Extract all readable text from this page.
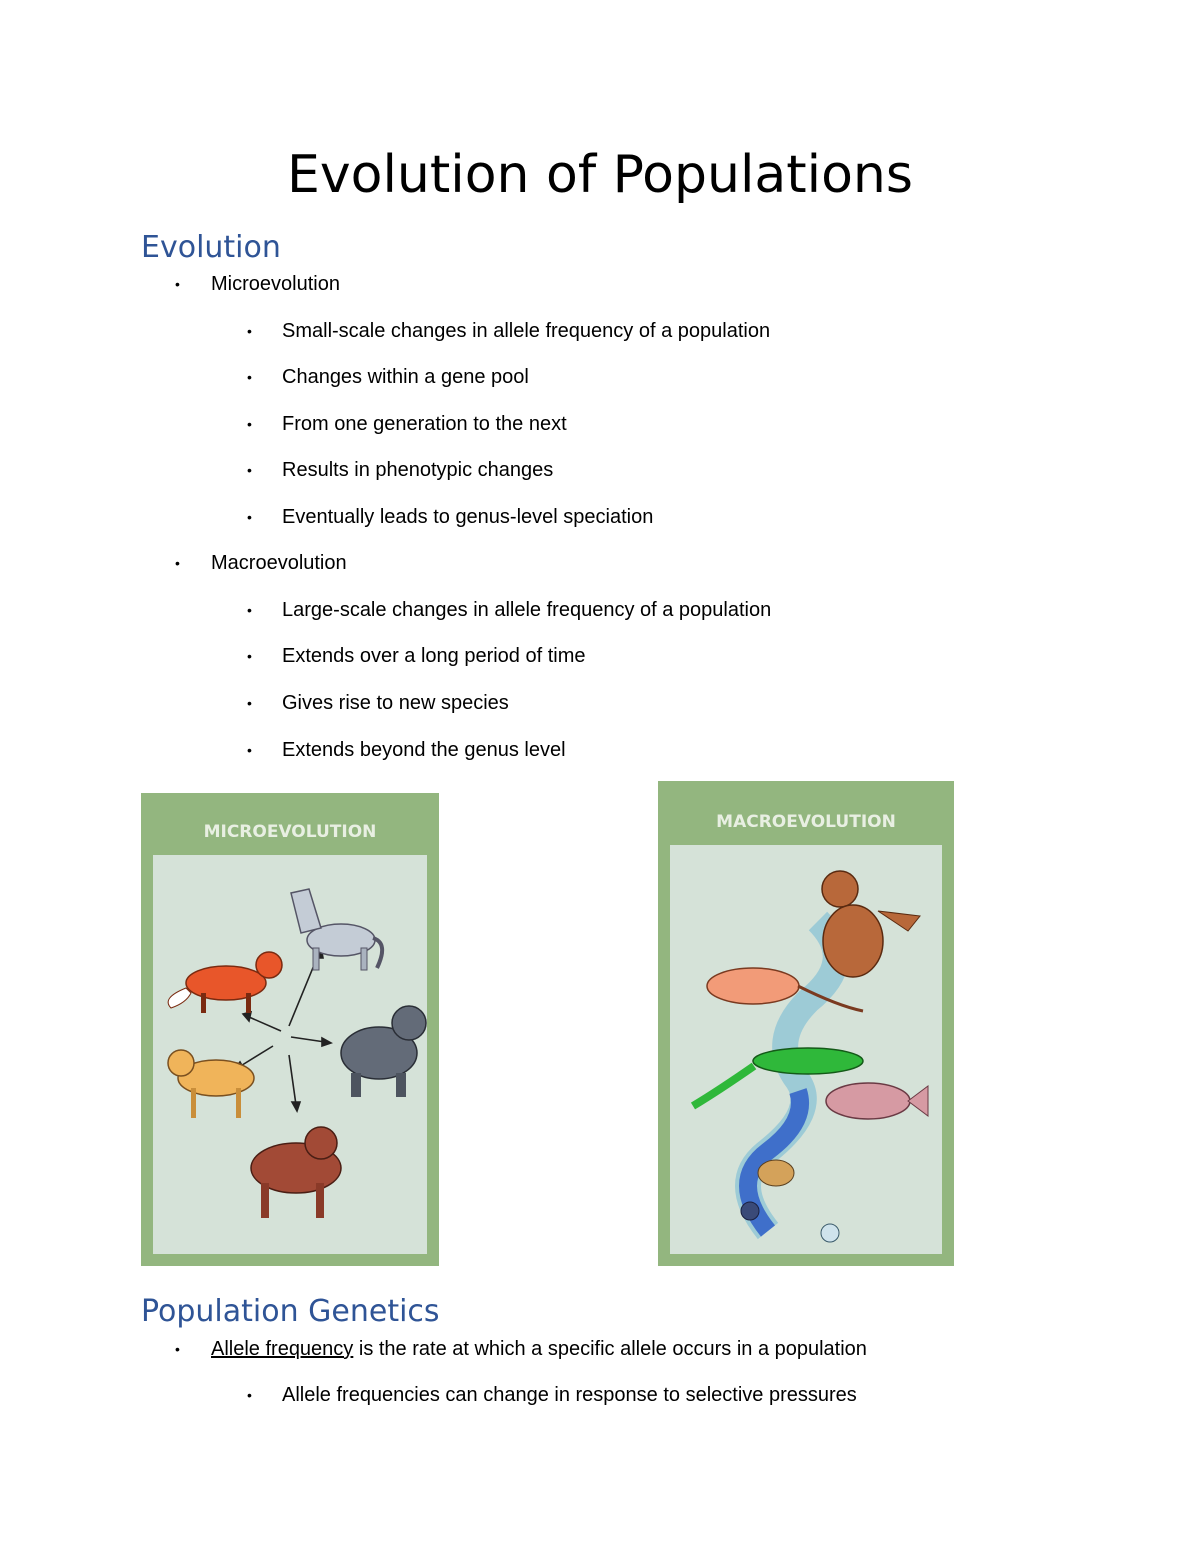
Evolution of Populations
Evolution
• Microevolution
• Small-scale changes in allele frequency of a population
• Changes within a gene pool
• From one generation to the next
• Results in phenotypic changes
• Eventually leads to genus-level speciation
• Macroevolution
• Large-scale changes in allele frequency of a population
• Extends over a long period of time
• Gives rise to new species
• Extends beyond the genus level
MICROEVOLUTION	MACROEVOLUTION
Population Genetics
• Allele frequency is the rate at which a specific allele occurs in a population
• Allele frequencies can change in response to selective pressures
